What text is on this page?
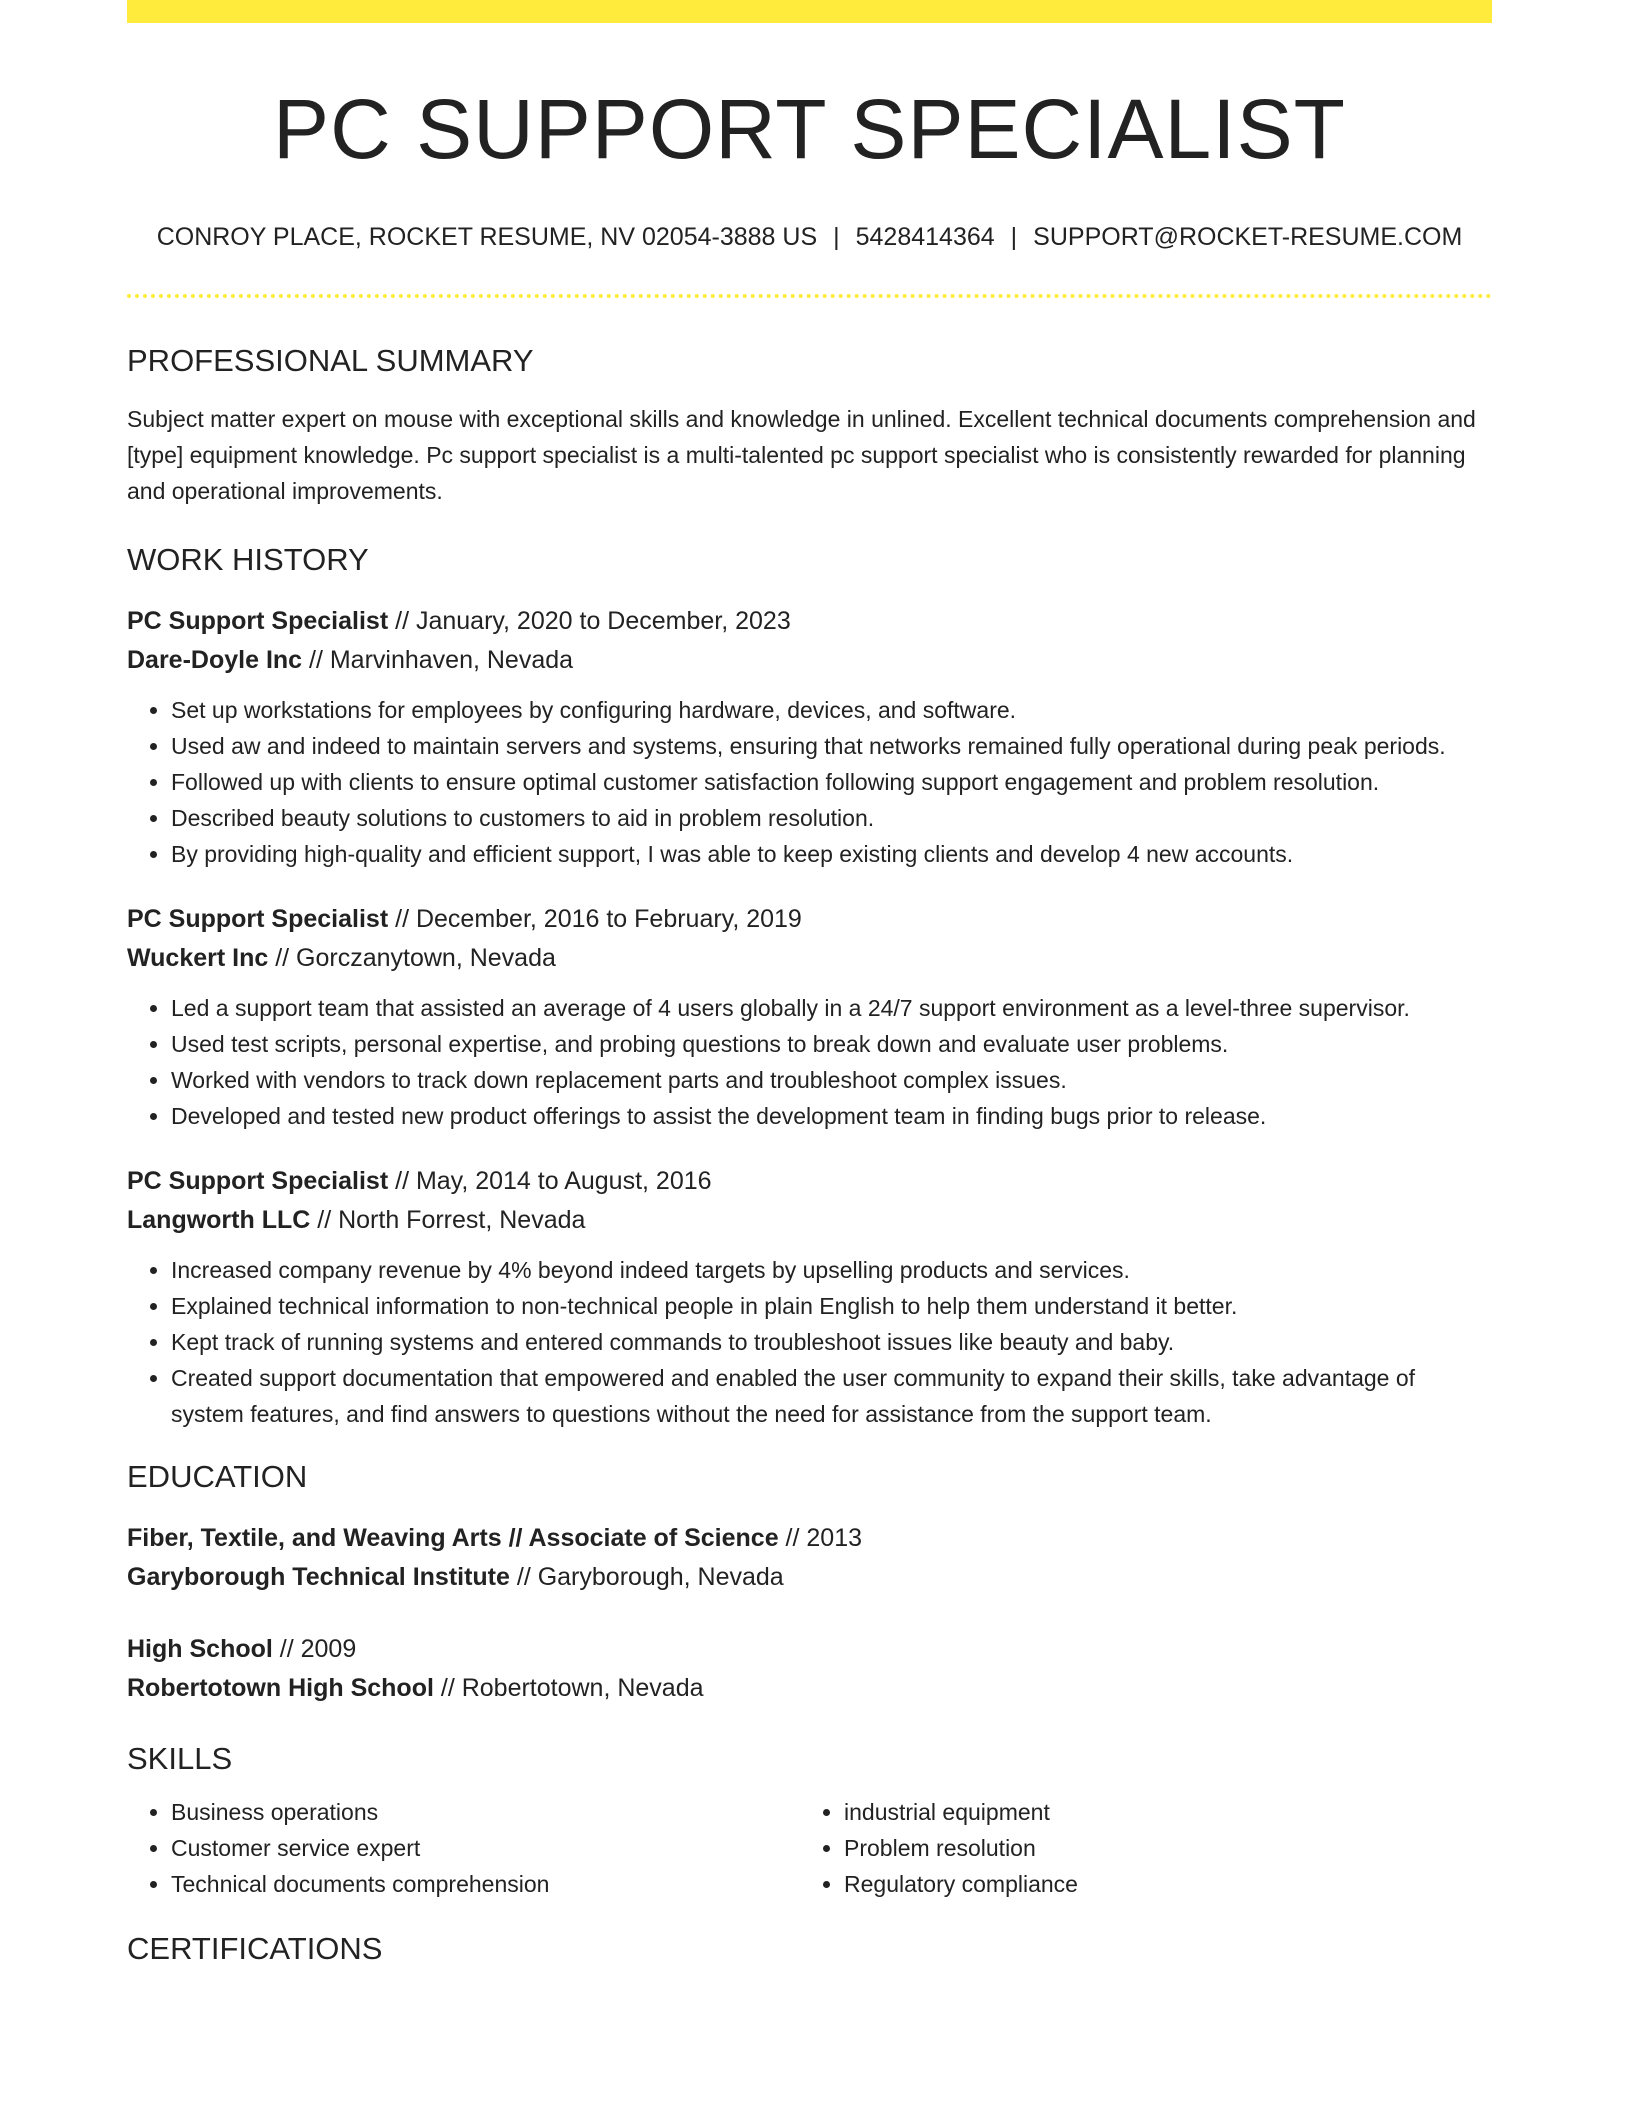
PC SUPPORT SPECIALIST
CONROY PLACE, ROCKET RESUME, NV 02054-3888 US | 5428414364 | SUPPORT@ROCKET-RESUME.COM
PROFESSIONAL SUMMARY

Subject matter expert on mouse with exceptional skills and knowledge in unlined. Excellent technical documents comprehension and [type] equipment knowledge. Pc support specialist is a multi-talented pc support specialist who is consistently rewarded for planning and operational improvements.

WORK HISTORY
PC Support Specialist // January, 2020 to December, 2023
Dare-Doyle Inc // Marvinhaven, Nevada
• Set up workstations for employees by configuring hardware, devices, and software.
• Used aw and indeed to maintain servers and systems, ensuring that networks remained fully operational during peak periods.
• Followed up with clients to ensure optimal customer satisfaction following support engagement and problem resolution.
• Described beauty solutions to customers to aid in problem resolution.
• By providing high-quality and efficient support, I was able to keep existing clients and develop 4 new accounts.
PC Support Specialist // December, 2016 to February, 2019
Wuckert Inc // Gorczanytown, Nevada
• Led a support team that assisted an average of 4 users globally in a 24/7 support environment as a level-three supervisor.
• Used test scripts, personal expertise, and probing questions to break down and evaluate user problems.
• Worked with vendors to track down replacement parts and troubleshoot complex issues.
• Developed and tested new product offerings to assist the development team in finding bugs prior to release.
PC Support Specialist // May, 2014 to August, 2016
Langworth LLC // North Forrest, Nevada
• Increased company revenue by 4% beyond indeed targets by upselling products and services.
• Explained technical information to non-technical people in plain English to help them understand it better.
• Kept track of running systems and entered commands to troubleshoot issues like beauty and baby.
• Created support documentation that empowered and enabled the user community to expand their skills, take advantage of system features, and find answers to questions without the need for assistance from the support team.
EDUCATION
Fiber, Textile, and Weaving Arts // Associate of Science // 2013
Garyborough Technical Institute // Garyborough, Nevada
High School // 2009
Robertotown High School // Robertotown, Nevada
SKILLS
• Business operations
• Customer service expert
• Technical documents comprehension
• industrial equipment
• Problem resolution
• Regulatory compliance
CERTIFICATIONS
